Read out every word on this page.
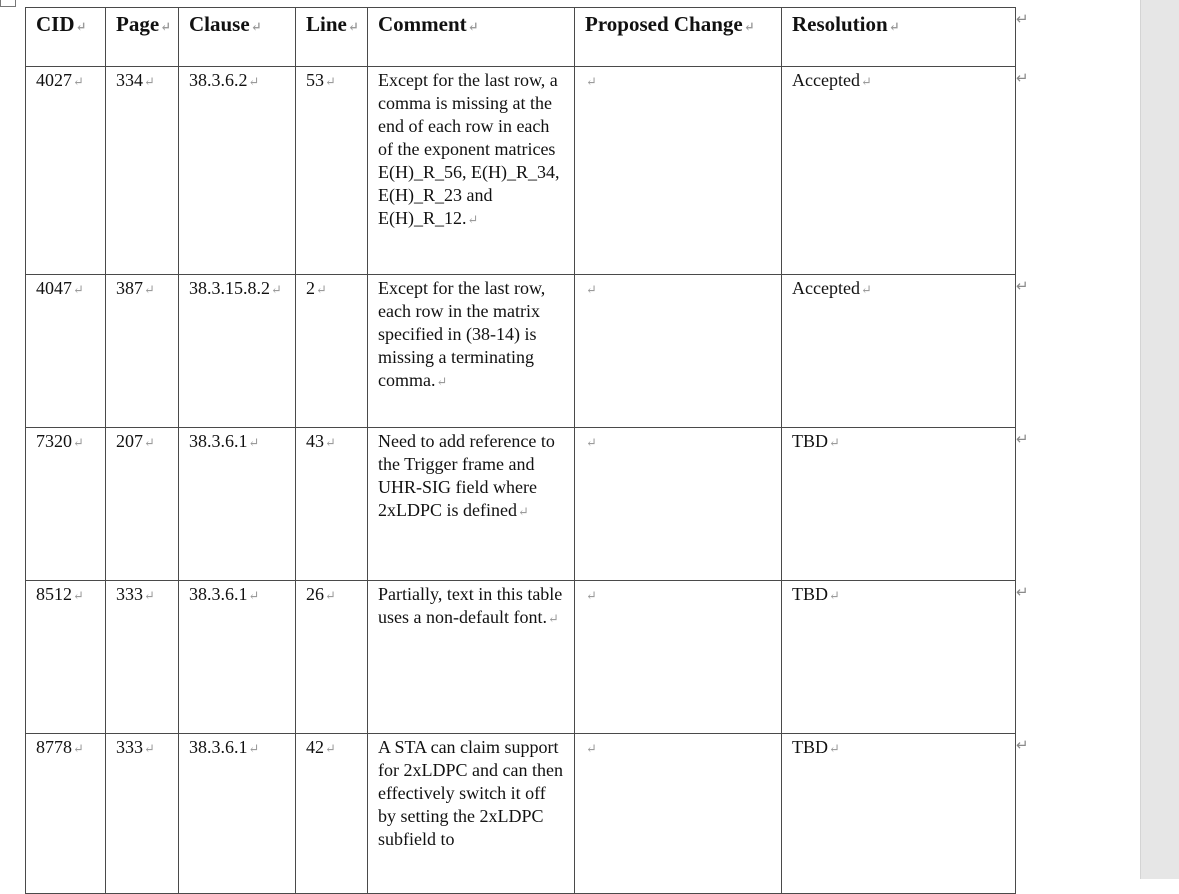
CID↵	Page↵	Clause↵	Line↵	Comment↵	Proposed Change↵	Resolution↵
4027↵	334↵	38.3.6.2↵	53↵	Except for the last row, a comma is missing at the end of each row in each of the exponent matrices E(H)_R_56, E(H)_R_34, E(H)_R_23 and E(H)_R_12.↵	↵	Accepted↵
4047↵	387↵	38.3.15.8.2↵	2↵	Except for the last row, each row in the matrix specified in (38-14) is missing a terminating comma.↵	↵	Accepted↵
7320↵	207↵	38.3.6.1↵	43↵	Need to add reference to the Trigger frame and UHR-SIG field where 2xLDPC is defined↵	↵	TBD↵
8512↵	333↵	38.3.6.1↵	26↵	Partially, text in this table uses a non-default font.↵	↵	TBD↵
8778↵	333↵	38.3.6.1↵	42↵	A STA can claim support for 2xLDPC and can then effectively switch it off by setting the 2xLDPC subfield to	↵	TBD↵
↵
↵
↵
↵
↵
↵
